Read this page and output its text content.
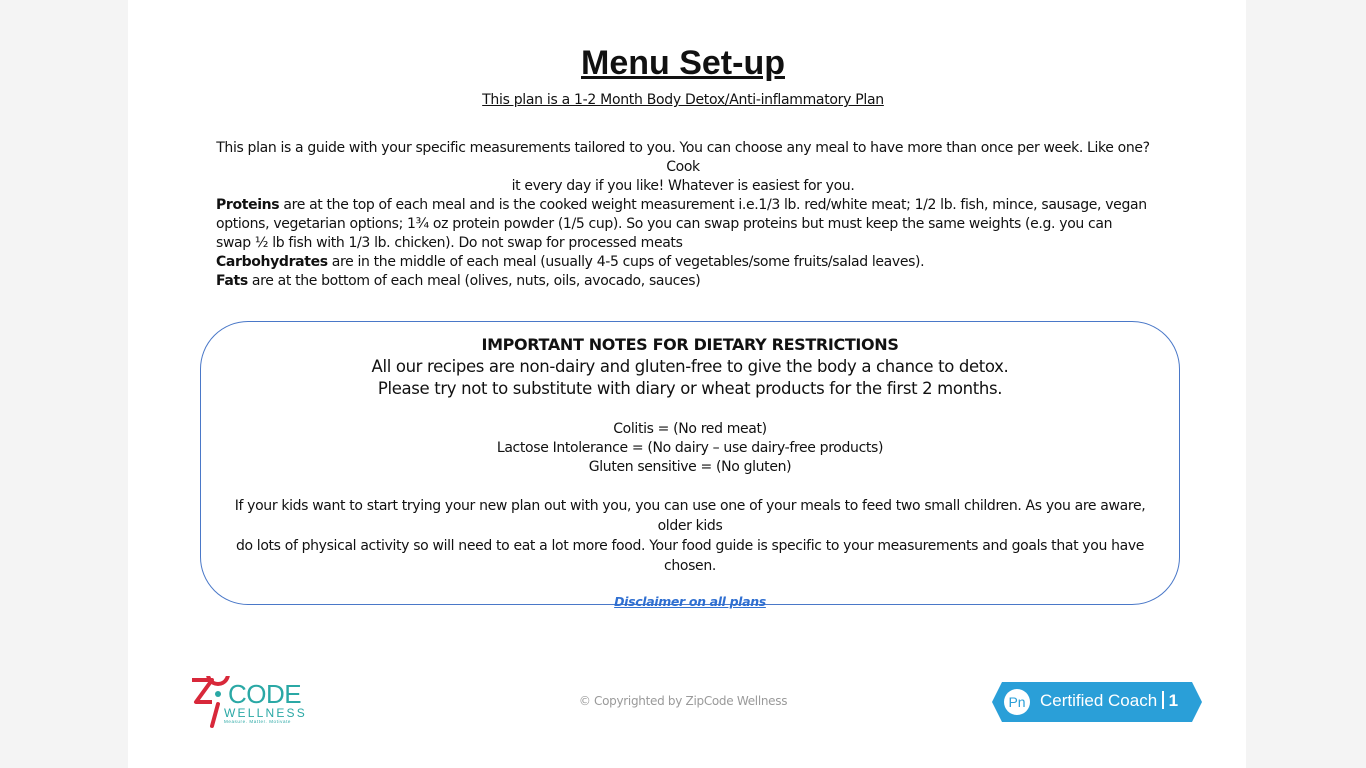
Menu Set-up
This plan is a 1-2 Month Body Detox/Anti-inflammatory Plan
This plan is a guide with your specific measurements tailored to you. You can choose any meal to have more than once per week. Like one? Cook
it every day if you like! Whatever is easiest for you.
Proteins are at the top of each meal and is the cooked weight measurement i.e.1/3 lb. red/white meat; 1/2 lb. fish, mince, sausage, vegan options, vegetarian options; 1¾ oz protein powder (1/5 cup). So you can swap proteins but must keep the same weights (e.g. you can swap ½ lb fish with 1/3 lb. chicken). Do not swap for processed meats
Carbohydrates are in the middle of each meal (usually 4-5 cups of vegetables/some fruits/salad leaves).
Fats are at the bottom of each meal (olives, nuts, oils, avocado, sauces)
IMPORTANT NOTES FOR DIETARY RESTRICTIONS
All our recipes are non-dairy and gluten-free to give the body a chance to detox.
Please try not to substitute with diary or wheat products for the first 2 months.
Colitis = (No red meat)
Lactose Intolerance = (No dairy – use dairy-free products)
Gluten sensitive = (No gluten)
If your kids want to start trying your new plan out with you, you can use one of your meals to feed two small children. As you are aware, older kids
do lots of physical activity so will need to eat a lot more food. Your food guide is specific to your measurements and goals that you have chosen.
Disclaimer on all plans
CODE
WELLNESS
Measure. Matter. Motivate
© Copyrighted by ZipCode Wellness	Pn Certified Coach 1
